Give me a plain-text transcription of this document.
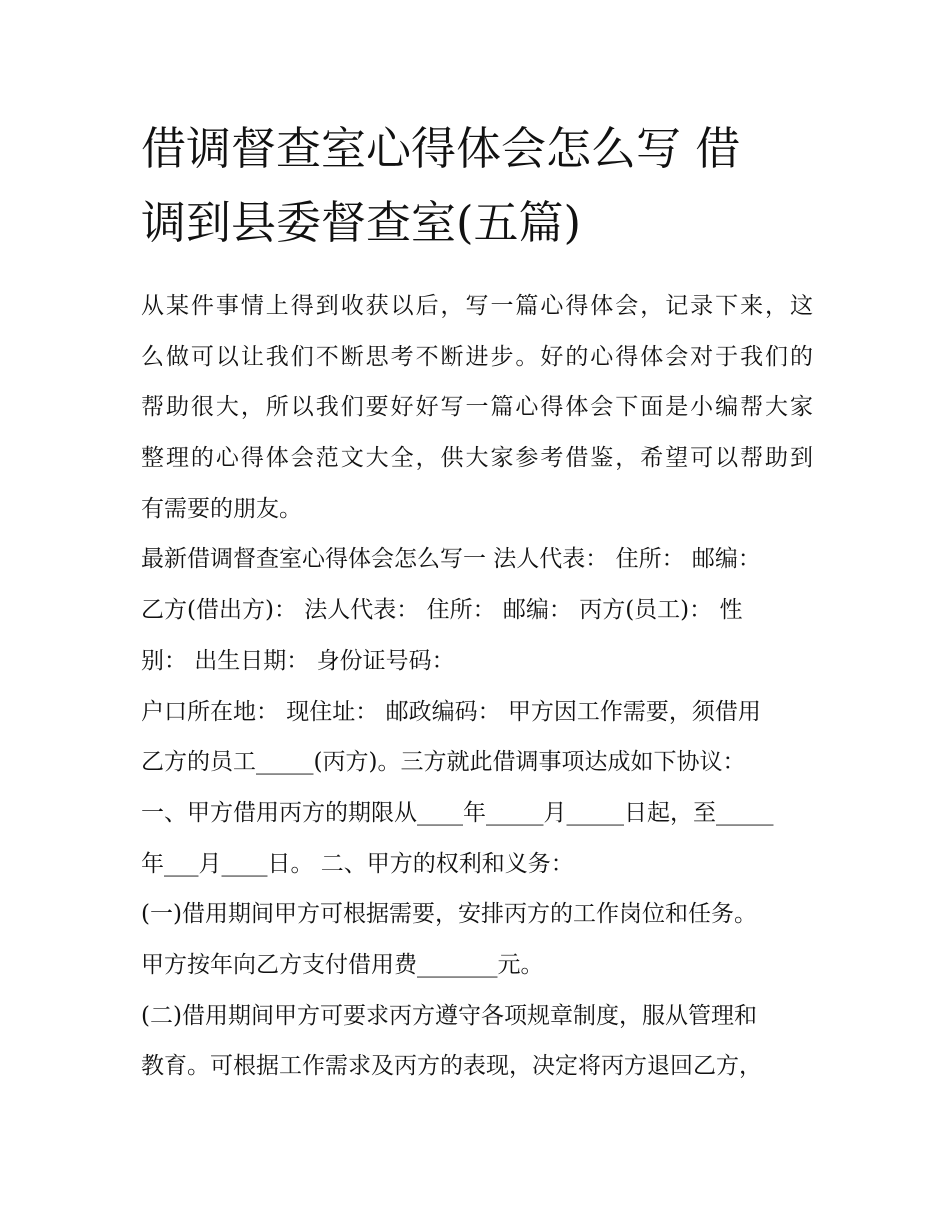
借调督查室心得体会怎么写 借
调到县委督查室(五篇)
从某件事情上得到收获以后，写一篇心得体会，记录下来，这
么做可以让我们不断思考不断进步。好的心得体会对于我们的
帮助很大，所以我们要好好写一篇心得体会下面是小编帮大家
整理的心得体会范文大全，供大家参考借鉴，希望可以帮助到
有需要的朋友。
最新借调督查室心得体会怎么写一 法人代表： 住所： 邮编：
乙方(借出方)： 法人代表： 住所： 邮编： 丙方(员工)： 性
别： 出生日期： 身份证号码：
户口所在地： 现住址： 邮政编码： 甲方因工作需要，须借用
乙方的员工_____(丙方)。三方就此借调事项达成如下协议：
一、甲方借用丙方的期限从____年_____月_____日起，至_____
年___月____日。 二、甲方的权利和义务：
(一)借用期间甲方可根据需要，安排丙方的工作岗位和任务。
甲方按年向乙方支付借用费_______元。
(二)借用期间甲方可要求丙方遵守各项规章制度，服从管理和
教育。可根据工作需求及丙方的表现，决定将丙方退回乙方，
